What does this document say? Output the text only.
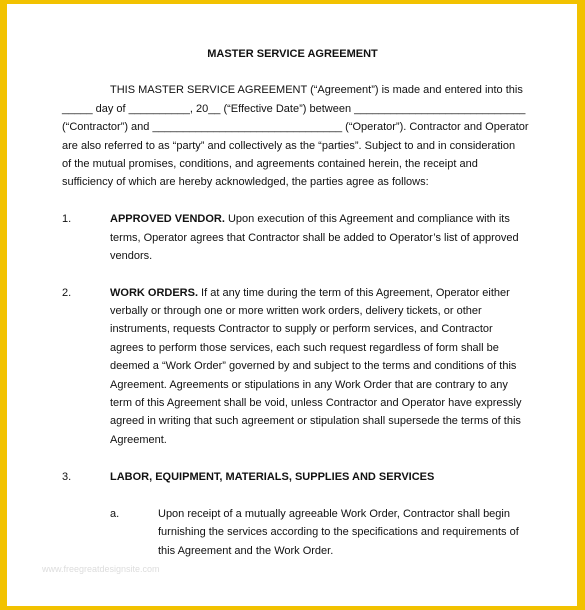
MASTER SERVICE AGREEMENT
THIS MASTER SERVICE AGREEMENT (“Agreement”) is made and entered into this
_____ day of __________, 20__ (“Effective Date”) between ____________________________
(“Contractor”) and _______________________________ (“Operator”). Contractor and Operator
are also referred to as “party” and collectively as the “parties”. Subject to and in consideration
of the mutual promises, conditions, and agreements contained herein, the receipt and
sufficiency of which are hereby acknowledged, the parties agree as follows:
1.	APPROVED VENDOR. Upon execution of this Agreement and compliance with its
terms, Operator agrees that Contractor shall be added to Operator’s list of approved
vendors.
2.	WORK ORDERS. If at any time during the term of this Agreement, Operator either
verbally or through one or more written work orders, delivery tickets, or other
instruments, requests Contractor to supply or perform services, and Contractor
agrees to perform those services, each such request regardless of form shall be
deemed a “Work Order” governed by and subject to the terms and conditions of this
Agreement. Agreements or stipulations in any Work Order that are contrary to any
term of this Agreement shall be void, unless Contractor and Operator have expressly
agreed in writing that such agreement or stipulation shall supersede the terms of this
Agreement.
3.	LABOR, EQUIPMENT, MATERIALS, SUPPLIES AND SERVICES
a.	Upon receipt of a mutually agreeable Work Order, Contractor shall begin
furnishing the services according to the specifications and requirements of
this Agreement and the Work Order.
www.freegreatdesignsite.com
